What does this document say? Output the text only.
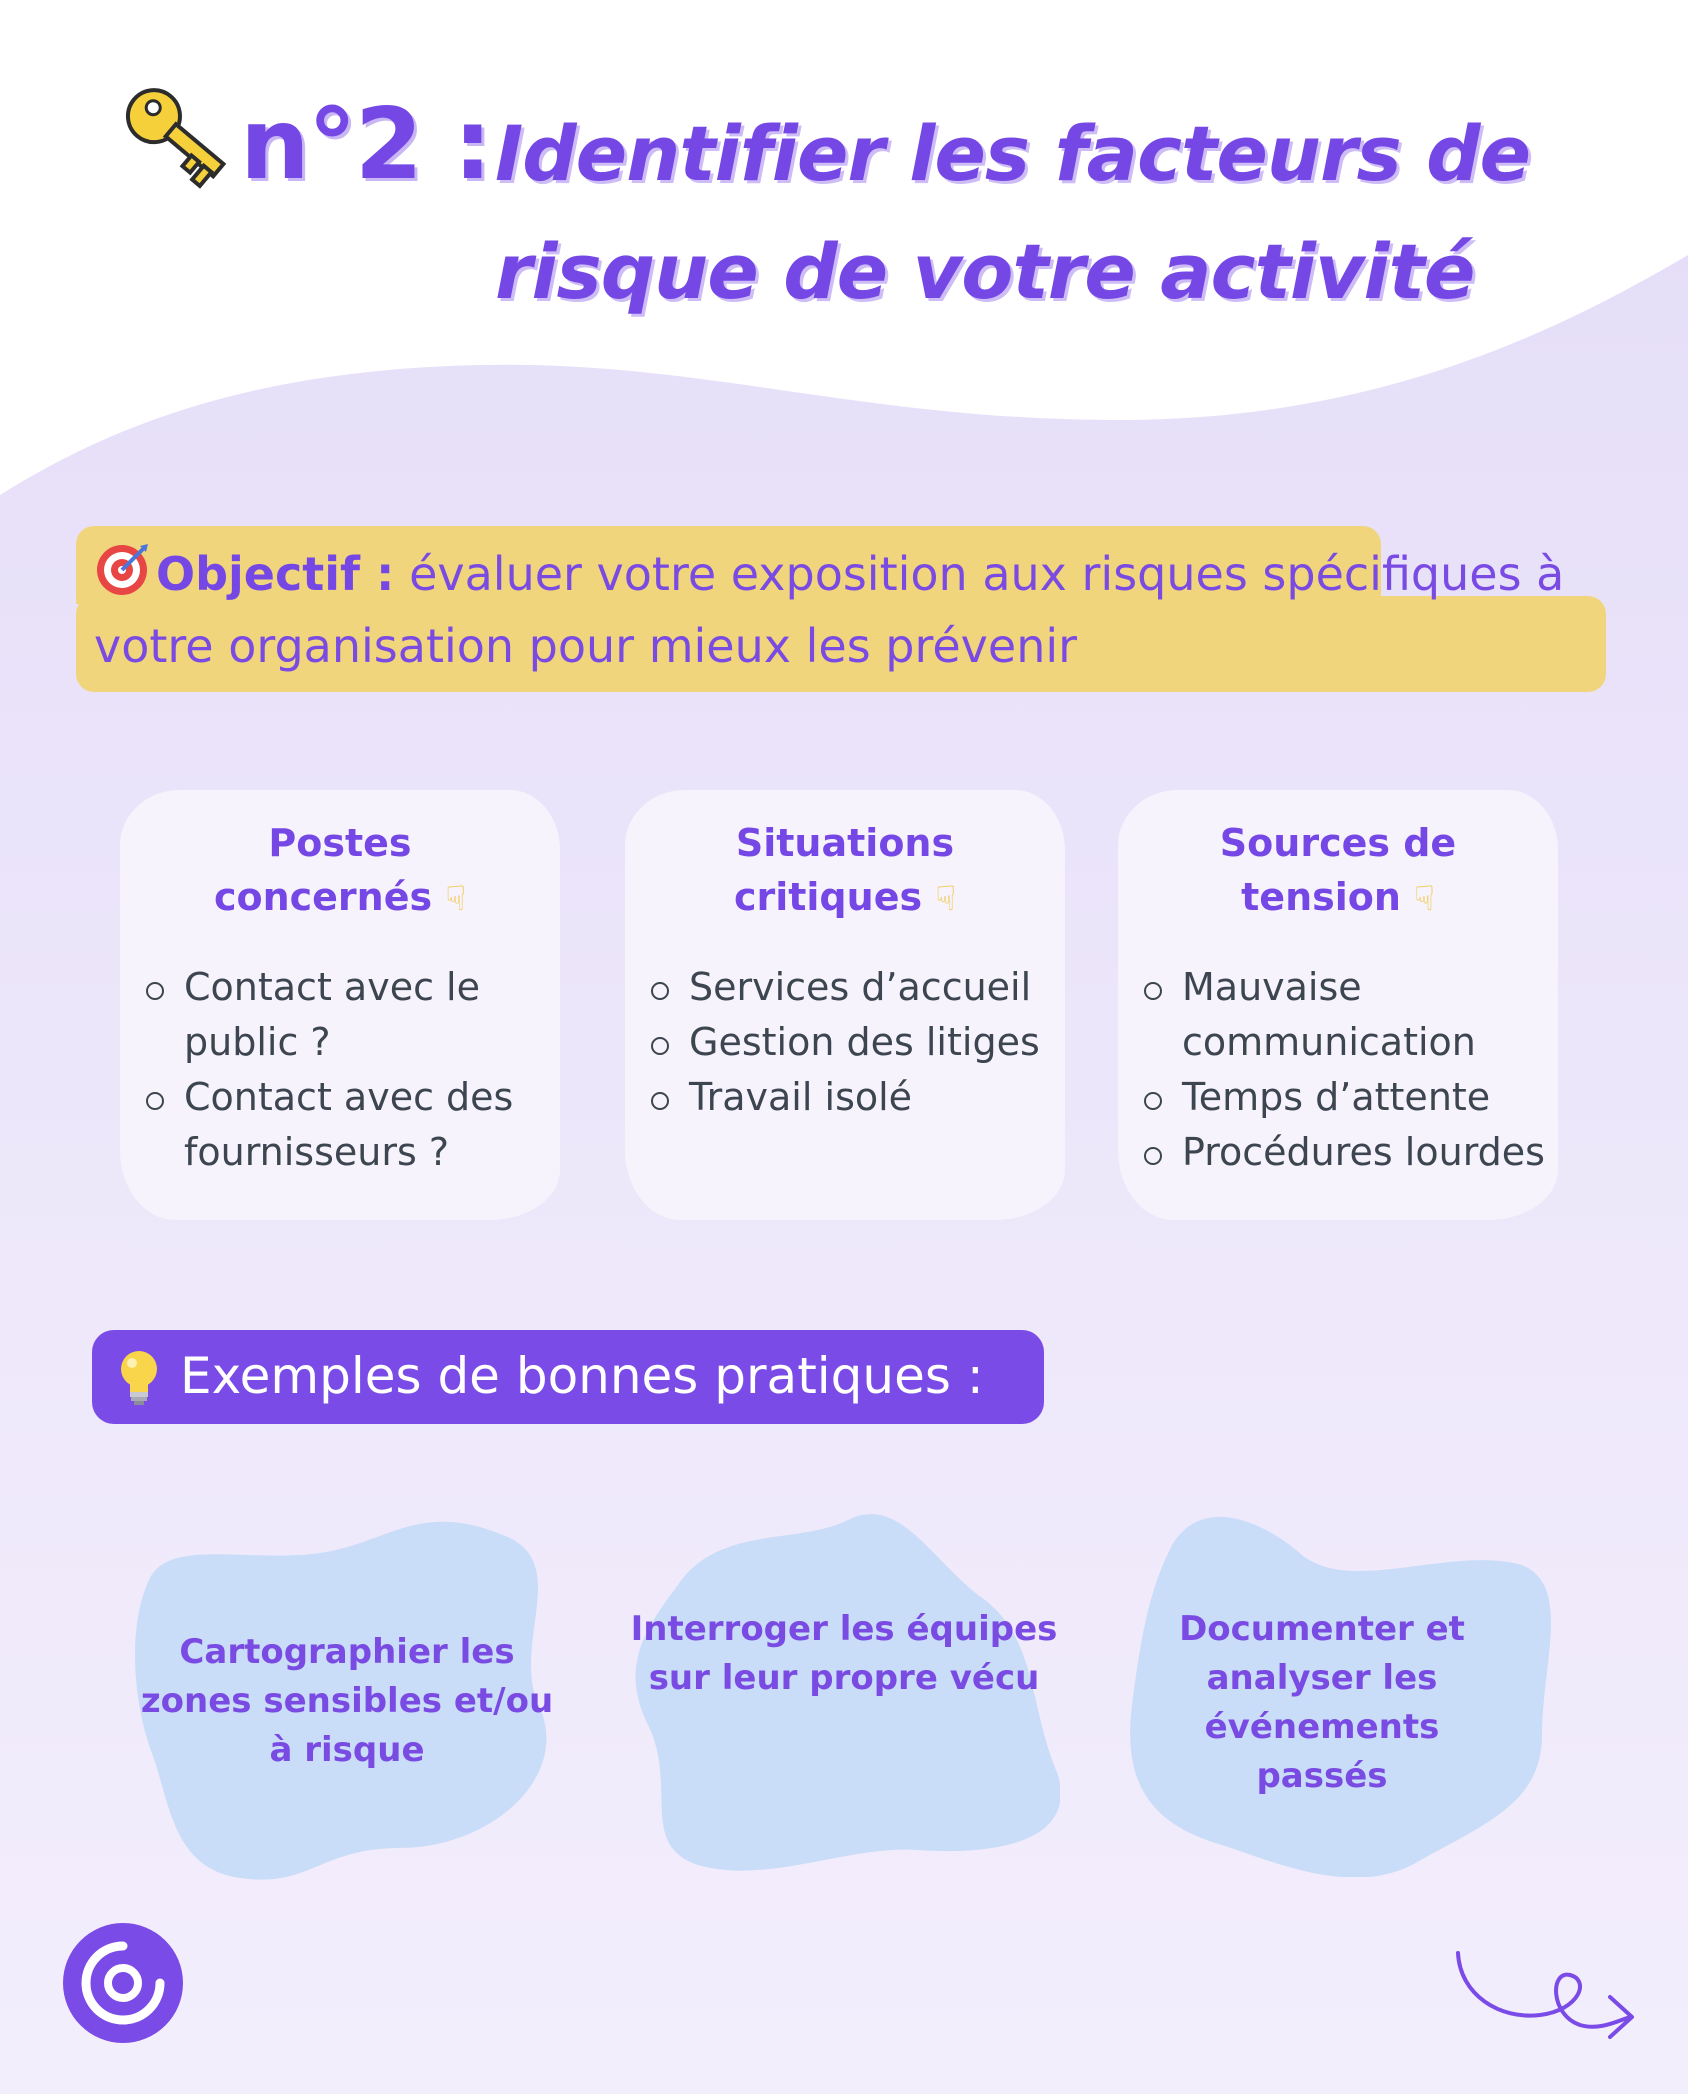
n°2 : Identifier les facteurs de risque de votre activité
Objectif : évaluer votre exposition aux risques spécifiques à votre organisation pour mieux les prévenir
Postes
concernés ☟
Contact avec le public ?
Contact avec des fournisseurs ?
Situations
critiques ☟
Services d’accueil
Gestion des litiges
Travail isolé
Sources de
tension ☟
Mauvaise communication
Temps d’attente
Procédures lourdes
Exemples de bonnes pratiques :
Cartographier les zones sensibles et/ou à risque
Interroger les équipes sur leur propre vécu
Documenter et analyser les événements passés
